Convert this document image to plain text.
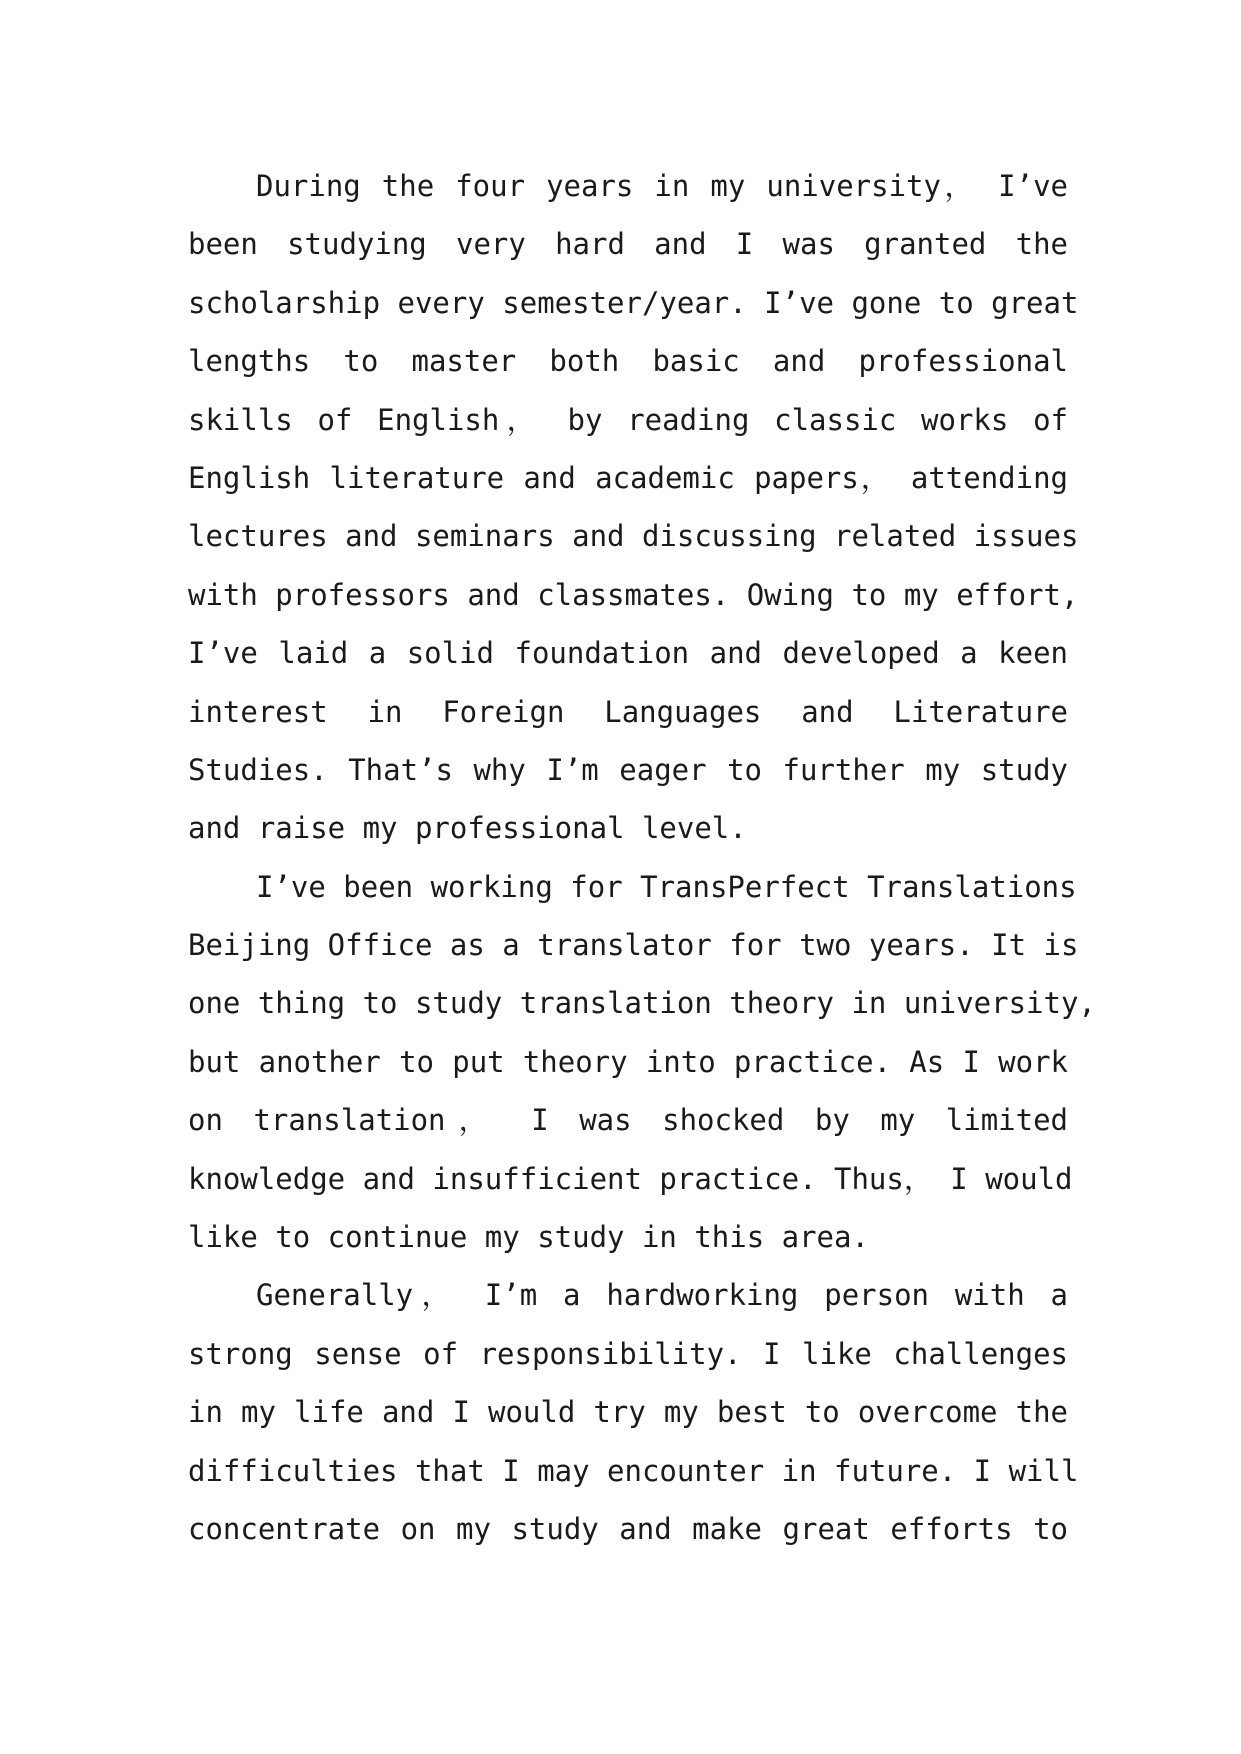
During the four years in my university， I’ve
been studying very hard and I was granted the
scholarship every semester/year. I’ve gone to great
lengths to master both basic and professional
skills of English， by reading classic works of
English literature and academic papers， attending
lectures and seminars and discussing related issues
with professors and classmates. Owing to my effort,
I’ve laid a solid foundation and developed a keen
interest in Foreign Languages and Literature
Studies. That’s why I’m eager to further my study
and raise my professional level.
I’ve been working for TransPerfect Translations
Beijing Office as a translator for two years. It is
one thing to study translation theory in university,
but another to put theory into practice. As I work
on translation， I was shocked by my limited
knowledge and insufficient practice. Thus， I would
like to continue my study in this area.
Generally， I’m a hardworking person with a
strong sense of responsibility. I like challenges
in my life and I would try my best to overcome the
difficulties that I may encounter in future. I will
concentrate on my study and make great efforts to
